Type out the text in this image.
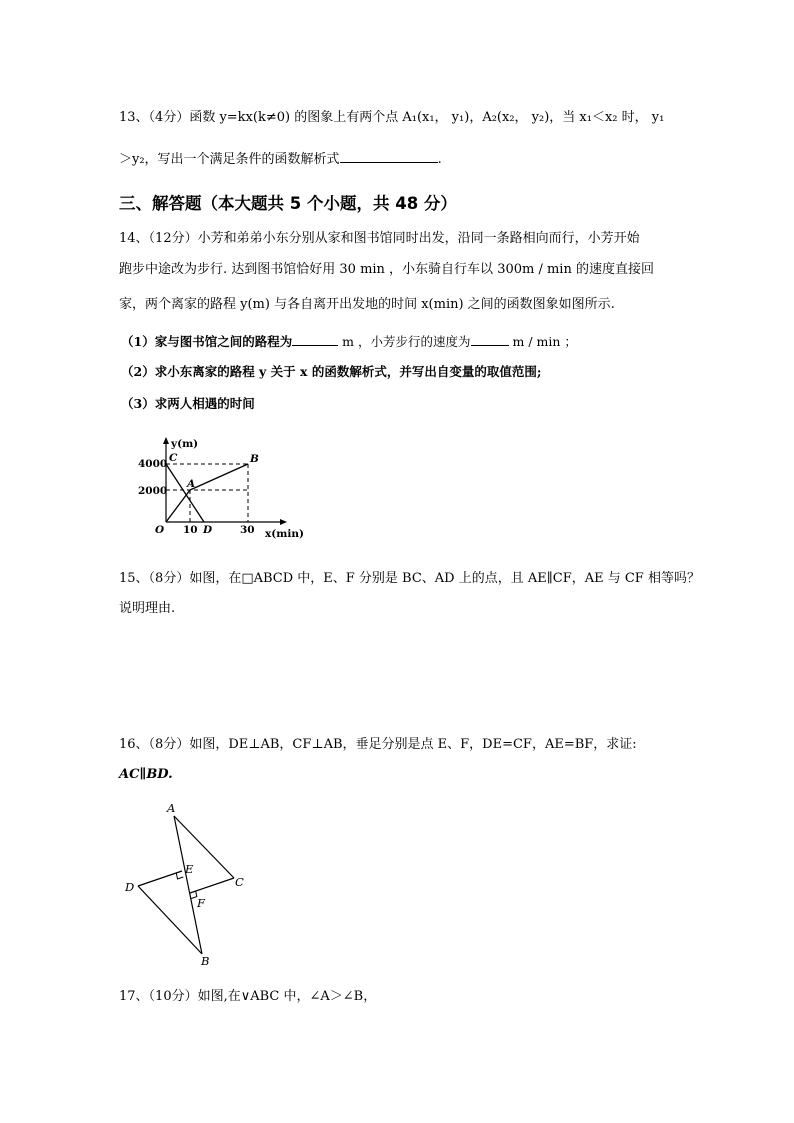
13、（4分）函数 y=kx(k≠0) 的图象上有两个点 A₁(x₁， y₁)，A₂(x₂， y₂)，当 x₁＜x₂ 时， y₁
＞y₂，写出一个满足条件的函数解析式	.
三、解答题（本大题共 5 个小题，共 48 分）
14、（12分）小芳和弟弟小东分别从家和图书馆同时出发，沿同一条路相向而行，小芳开始
跑步中途改为步行. 达到图书馆恰好用 30 min ，小东骑自行车以 300m / min 的速度直接回
家，两个离家的路程 y(m) 与各自离开出发地的时间 x(min) 之间的函数图象如图所示.
（1）家与图书馆之间的路程为	m ，小芳步行的速度为	m / min ；
（2）求小东离家的路程 y 关于 x 的函数解析式，并写出自变量的取值范围;
（3）求两人相遇的时间
y(m)
x(min)
4000
2000
10	30
O
C	B
A
D
15、（8分）如图，在□ABCD 中，E、F 分别是 BC、AD 上的点，且 AE∥CF，AE 与 CF 相等吗？
说明理由.
16、（8分）如图，DE⊥AB，CF⊥AB，垂足分别是点 E、F，DE=CF，AE=BF，求证:
AC∥BD.
A
B
C
D
E
F
17、（10分）如图,在∨ABC 中，∠A＞∠B，
